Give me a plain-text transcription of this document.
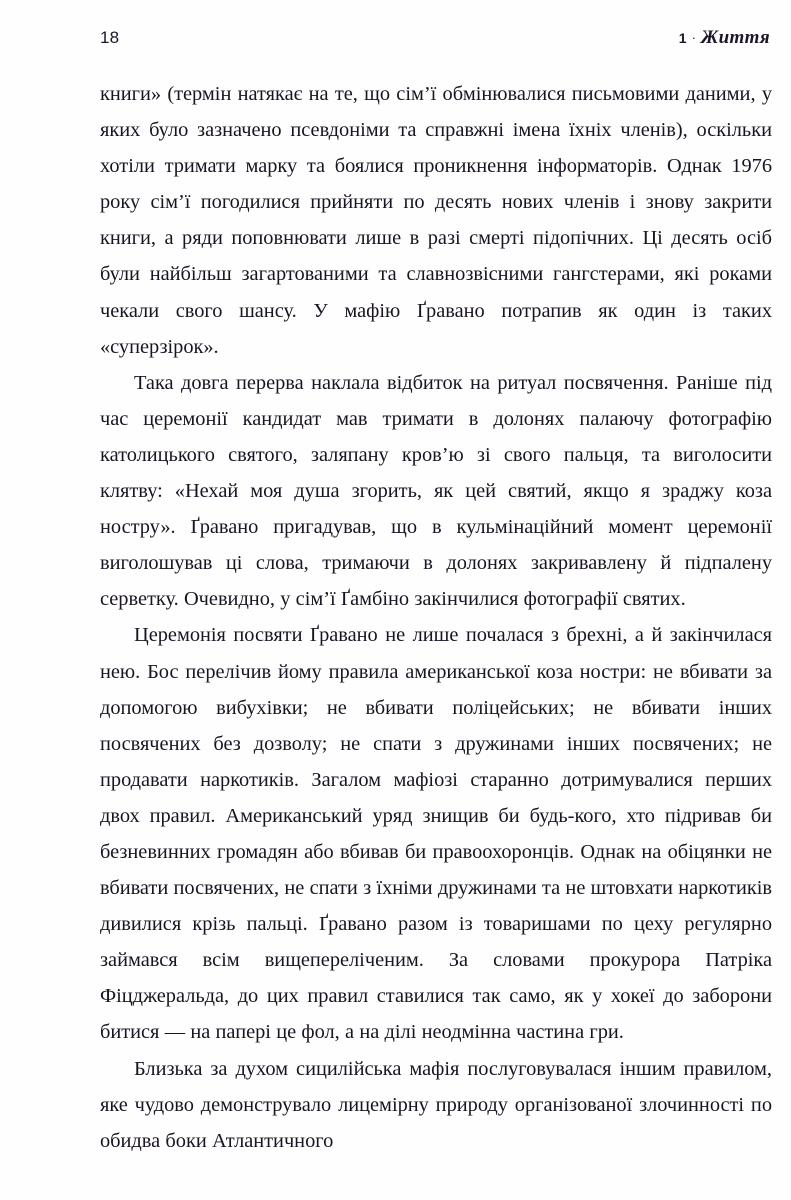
18	1 · Життя

книги» (термін натякає на те, що сім’ї обмінювалися письмовими даними, у яких було зазначено псевдоніми та справжні імена їхніх членів), оскільки хотіли тримати марку та боялися проникнення інформаторів. Однак 1976 року сім’ї погодилися прийняти по десять нових членів і знову закрити книги, а ряди поповнювати лише в разі смерті підопічних. Ці десять осіб були найбільш загартованими та славнозвісними гангстерами, які роками чекали свого шансу. У мафію Ґравано потрапив як один із таких «суперзірок».

Така довга перерва наклала відбиток на ритуал посвячення. Раніше під час церемонії кандидат мав тримати в долонях палаючу фотографію католицького святого, заляпану кров’ю зі свого пальця, та виголосити клятву: «Нехай моя душа згорить, як цей святий, якщо я зраджу коза ностру». Ґравано пригадував, що в кульмінаційний момент церемонії виголошував ці слова, тримаючи в долонях закривавлену й підпалену серветку. Очевидно, у сім’ї Ґамбіно закінчилися фотографії святих.

Церемонія посвяти Ґравано не лише почалася з брехні, а й закінчилася нею. Бос перелічив йому правила американської коза ностри: не вбивати за допомогою вибухівки; не вбивати поліцейських; не вбивати інших посвячених без дозволу; не спати з дружинами інших посвячених; не продавати наркотиків. Загалом мафіозі старанно дотримувалися перших двох правил. Американський уряд знищив би будь-кого, хто підривав би безневинних громадян або вбивав би правоохоронців. Однак на обіцянки не вбивати посвячених, не спати з їхніми дружинами та не штовхати наркотиків дивилися крізь пальці. Ґравано разом із товаришами по цеху регулярно займався всім вищепереліченим. За словами прокурора Патріка Фіцджеральда, до цих правил ставилися так само, як у хокеї до заборони битися — на папері це фол, а на ділі неодмінна частина гри.

Близька за духом сицилійська мафія послуговувалася іншим правилом, яке чудово демонструвало лицемірну природу організованої злочинності по обидва боки Атлантичного
